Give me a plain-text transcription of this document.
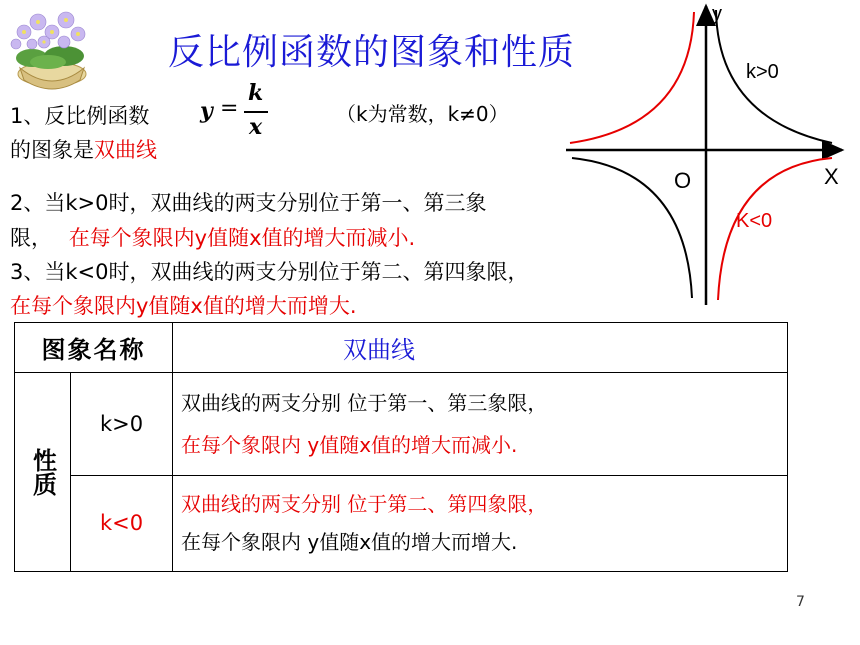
反比例函数的图象和性质
1、反比例函数 y =
k
x	（k为常数，k≠0）
的图象是双曲线
2、当k>0时，双曲线的两支分别位于第一、第三象
限， 在每个象限内y值随x值的增大而减小.
3、当k<0时，双曲线的两支分别位于第二、第四象限，
在每个象限内y值随x值的增大而增大.
y
X
O
k>0
K<0
图象名称		双曲线

性质	k>0	双曲线的两支分别 位于第一、第三象限，
在每个象限内 y值随x值的增大而减小.

	k<0	双曲线的两支分别 位于第二、第四象限，
在每个象限内 y值随x值的增大而增大.
7
